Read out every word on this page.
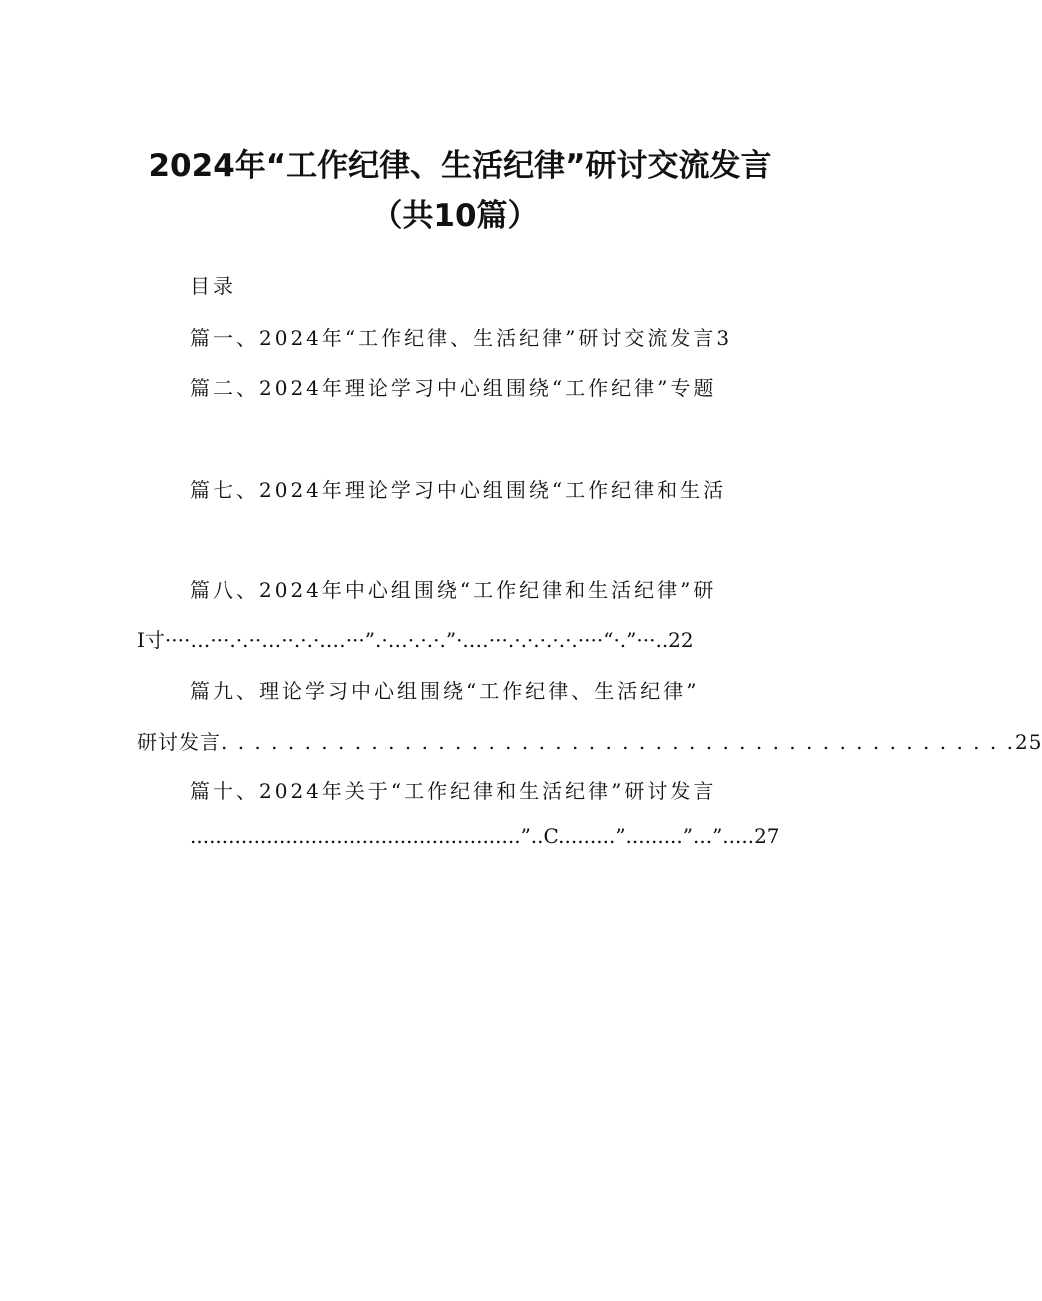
2024年“工作纪律、生活纪律”研讨交流发言
（共10篇）
目录
篇一、2024年“工作纪律、生活纪律”研讨交流发言3
篇二、2024年理论学习中心组围绕“工作纪律”专题
篇七、2024年理论学习中心组围绕“工作纪律和生活
篇八、2024年中心组围绕“工作纪律和生活纪律”研
I寸····…···.·.··…··.·.·.…···”.·…·.·.·.”·.…···.·.·.·.·.·.····“·.”···..22
篇九、理论学习中心组围绕“工作纪律、生活纪律”
研讨发言. . . . . . . . . . . . . . . . . . . . . . . . . . . . . . . . . . . . . . . . . . . . . . . .25
篇十、2024年关于“工作纪律和生活纪律”研讨发言
....................................................”..C.........”.........”...”.....27
